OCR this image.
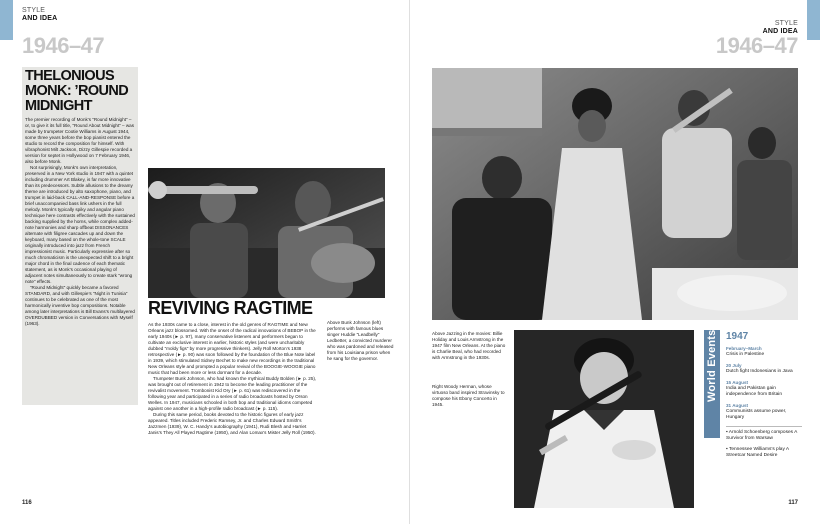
STYLE
AND IDEA
1946–47
THELONIOUS
MONK: ’ROUND
MIDNIGHT

The premier recording of Monk’s “Round Midnight” – or, to give it its full title, “Round About Midnight” – was made by trumpeter Cootie Williams in August 1944, some three years before the bop pianist entered the studio to record the composition for himself. With vibraphonist Milt Jackson, Dizzy Gillespie recorded a version for septet in Hollywood on 7 February 1946, also before Monk.

Not surprisingly, Monk’s own interpretation, preserved in a New York studio in 1947 with a quintet including drummer Art Blakey, is far more innovative than its predecessors. Subtle allusions to the dreamy theme are introduced by alto saxophone, piano, and trumpet in laid-back CALL-AND-RESPONSE before a brief unaccompanied bass link ushers in the full melody. Monk’s typically spiky and angular piano technique here contrasts effectively with the sustained backing supplied by the horns, while complex added-note harmonies and sharp offbeat DISSONANCES alternate with filigree cascades up and down the keyboard, many based on the whole-tone SCALE originally introduced into jazz from French impressionist music. Particularly expressive after so much chromaticism is the unexpected shift to a bright major chord in the final cadence of each thematic statement, as is Monk’s occasional playing of adjacent notes simultaneously to create stark “wrong note” effects.

“Round Midnight” quickly became a favored STANDARD, and with Gillespie’s “Night in Tunisia” continues to be celebrated as one of the most harmonically inventive bop compositions. Notable among later interpretations is Bill Evans’s multilayered OVERDUBBED version in Conversations with Myself (1963).	Above Bunk Johnson (left) performs with famous blues singer Huddie “Leadbelly” Ledbetter, a convicted murderer who was pardoned and released from his Louisiana prison when he sang for the governor.
REVIVING RAGTIME

As the 1930s came to a close, interest in the old genres of RAGTIME and New Orleans jazz blossomed. With the onset of the radical innovations of BEBOP in the early 1940s (► p. 97), many conservative listeners and performers began to cultivate an exclusive interest in earlier, historic styles (and were uncharitably dubbed “moldy figs” by more progressive thinkers). Jelly Roll Morton’s 1938 retrospective (► p. 90) was soon followed by the foundation of the Blue Note label in 1939, which stimulated Sidney Bechet to make new recordings in the traditional New Orleans style and prompted a popular revival of the BOOGIE-WOOGIE piano music that had been more or less dormant for a decade.

Trumpeter Bunk Johnson, who had known the mythical Buddy Bolden (► p. 25), was brought out of retirement in 1942 to become the leading practitioner of the revivalist movement. Trombonist Kid Ory (► p. 61) was rediscovered in the following year and participated in a series of radio broadcasts hosted by Orson Welles. In 1947, musicians schooled in both bop and traditional idioms competed against one another in a high-profile radio broadcast (► p. 115).

During this same period, books devoted to the historic figures of early jazz appeared. Titles included Frederic Ramsey, Jr. and Charles Edward Smith’s Jazzmen (1939), W. C. Handy’s autobiography (1941), Rudi Blesh and Harriet Janis’s They All Played Ragtime (1950), and Alan Lomax’s Mister Jelly Roll (1950).

116
STYLE
AND IDEA
1946–47
Above Jazzing in the movies: Billie Holiday and Louis Armstrong in the 1947 film New Orleans. At the piano is Charlie Beal, who had recorded with Armstrong in the 1930s.
Right Woody Herman, whose virtuoso band inspired Stravinsky to compose his Ebony Concerto in 1945.
World Events 1947
February–March
Crisis in Palestine
20 July
Dutch fight Indonesians in Java
15 August
India and Pakistan gain independence from Britain
31 August
Communists assume power, Hungary
▪ Arnold Schoenberg composes A Survivor from Warsaw
▪ Tennessee Williams’s play A Streetcar Named Desire
117
